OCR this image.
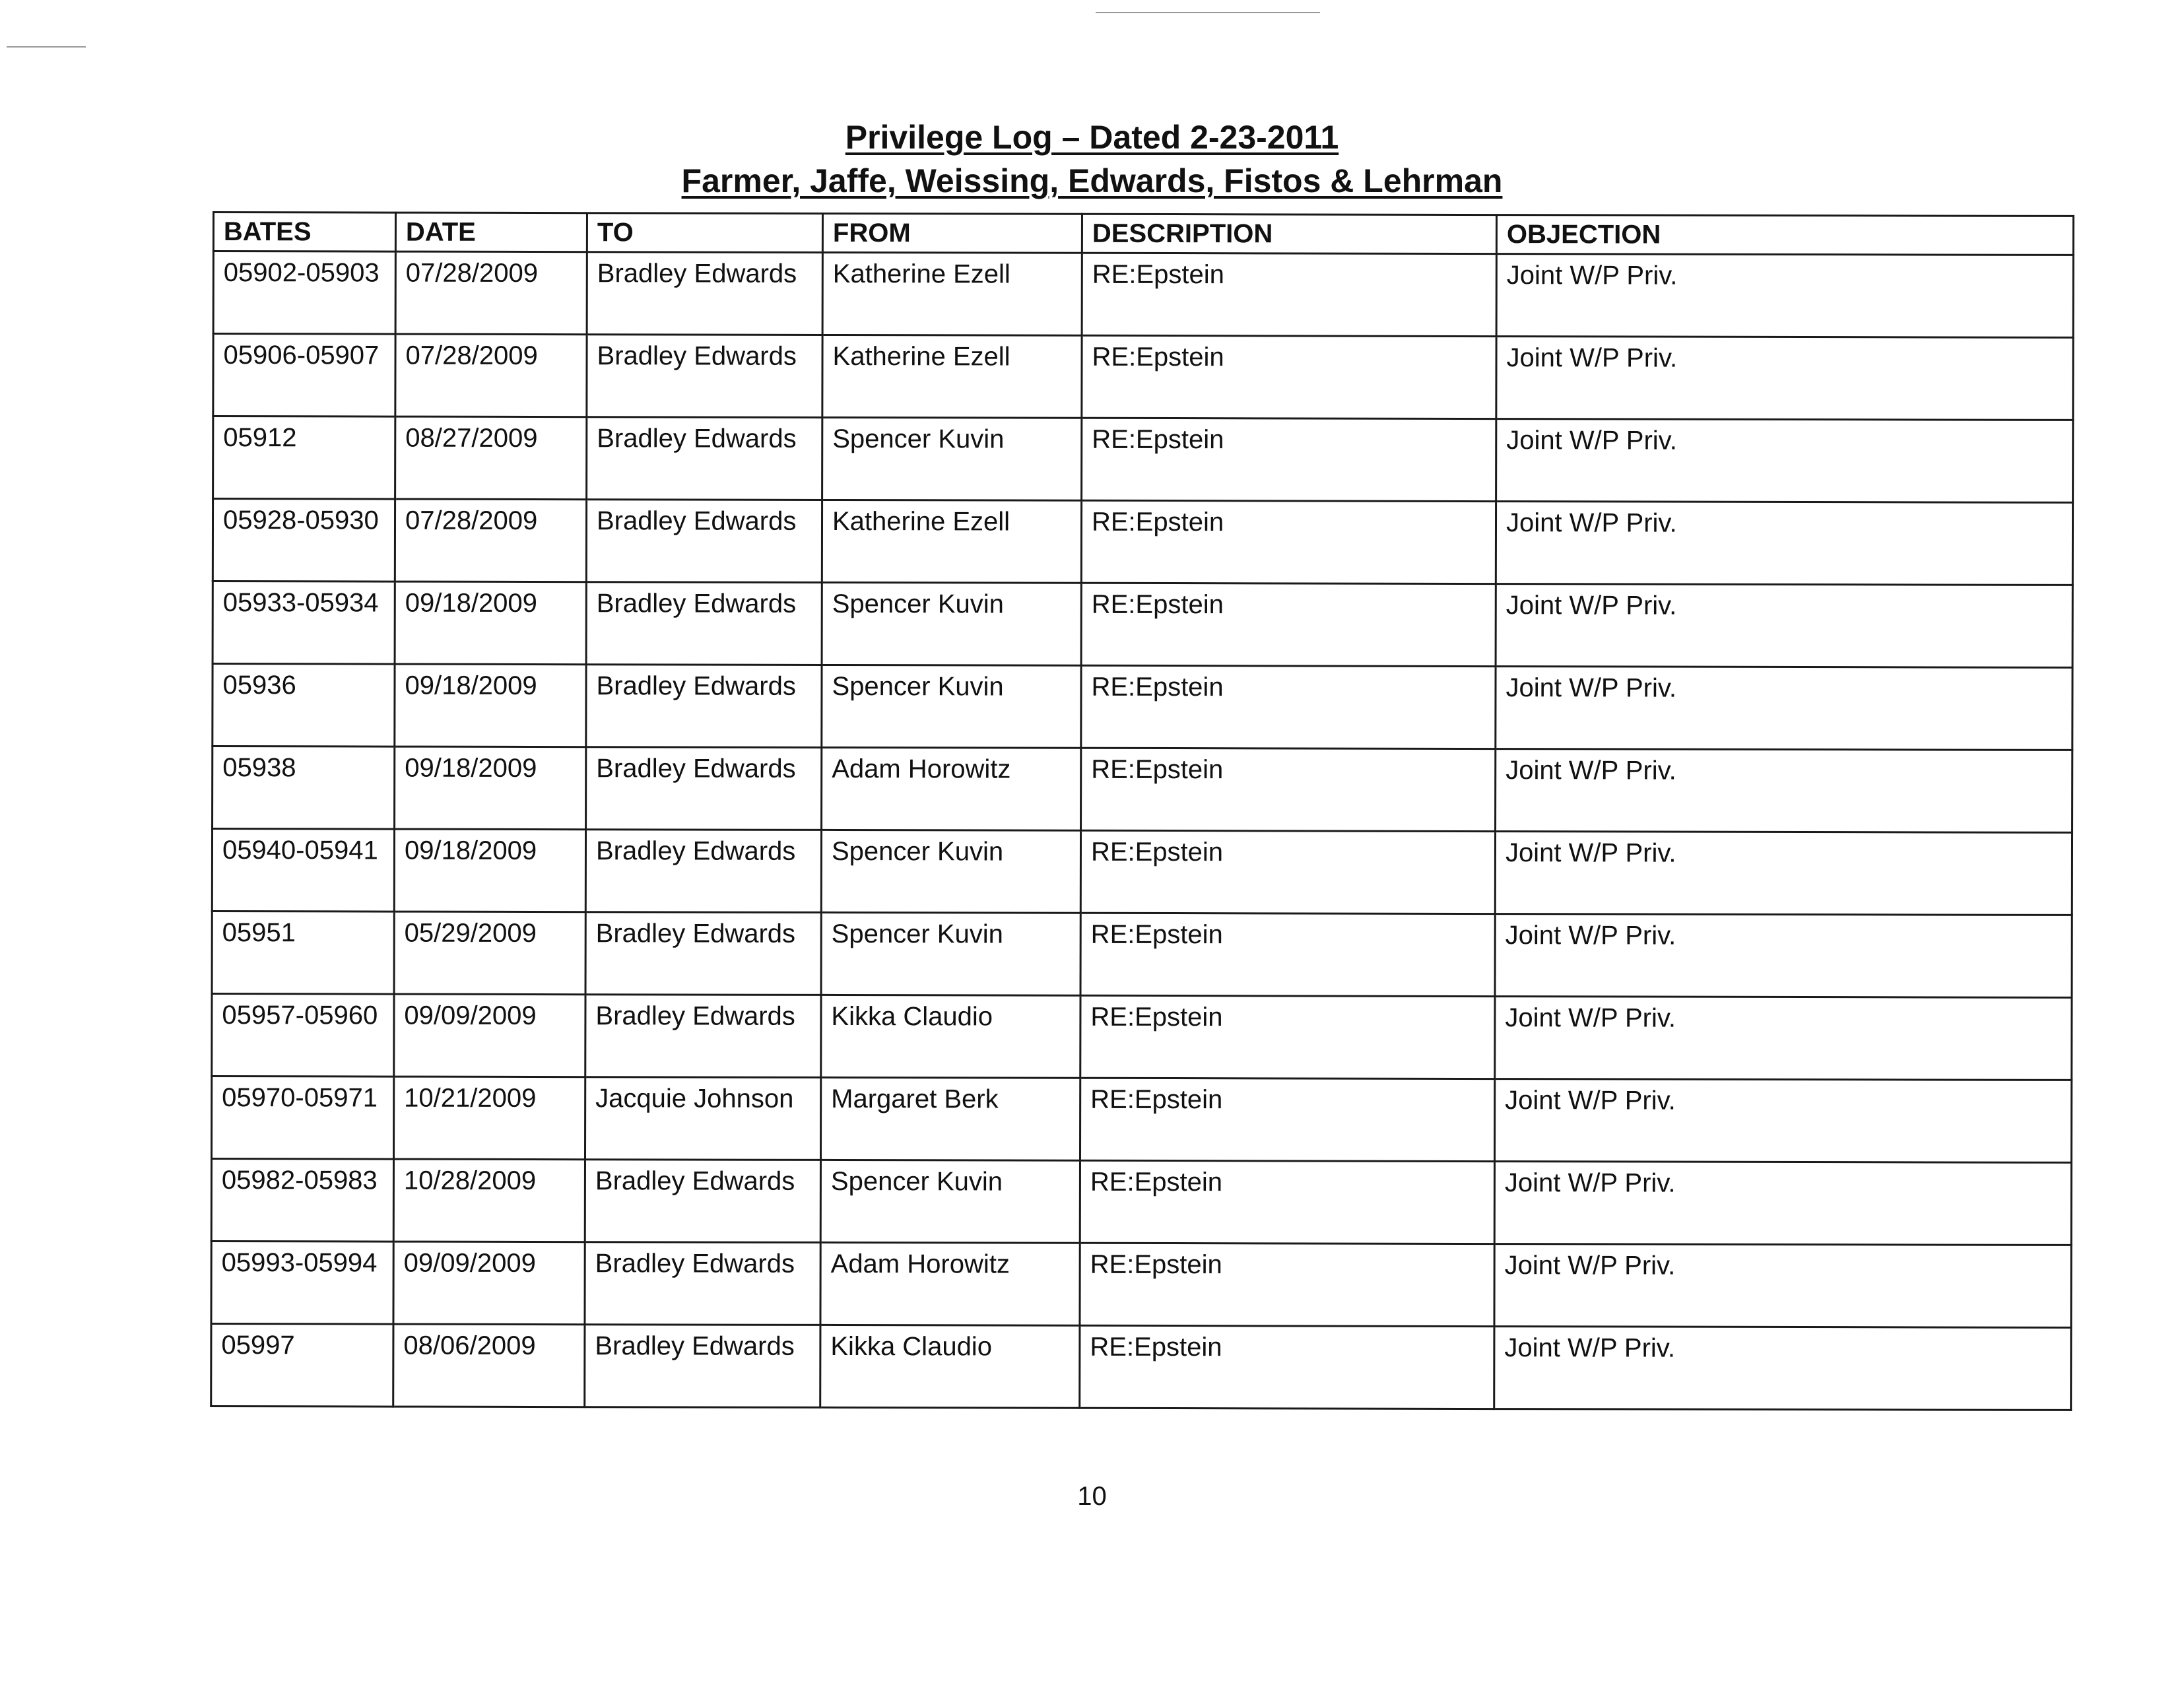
Privilege Log – Dated 2-23-2011
Farmer, Jaffe, Weissing, Edwards, Fistos & Lehrman
BATES	DATE	TO	FROM	DESCRIPTION	OBJECTION
05902-05903	07/28/2009	Bradley Edwards	Katherine Ezell	RE:Epstein	Joint W/P Priv.
05906-05907	07/28/2009	Bradley Edwards	Katherine Ezell	RE:Epstein	Joint W/P Priv.
05912	08/27/2009	Bradley Edwards	Spencer Kuvin	RE:Epstein	Joint W/P Priv.
05928-05930	07/28/2009	Bradley Edwards	Katherine Ezell	RE:Epstein	Joint W/P Priv.
05933-05934	09/18/2009	Bradley Edwards	Spencer Kuvin	RE:Epstein	Joint W/P Priv.
05936	09/18/2009	Bradley Edwards	Spencer Kuvin	RE:Epstein	Joint W/P Priv.
05938	09/18/2009	Bradley Edwards	Adam Horowitz	RE:Epstein	Joint W/P Priv.
05940-05941	09/18/2009	Bradley Edwards	Spencer Kuvin	RE:Epstein	Joint W/P Priv.
05951	05/29/2009	Bradley Edwards	Spencer Kuvin	RE:Epstein	Joint W/P Priv.
05957-05960	09/09/2009	Bradley Edwards	Kikka Claudio	RE:Epstein	Joint W/P Priv.
05970-05971	10/21/2009	Jacquie Johnson	Margaret Berk	RE:Epstein	Joint W/P Priv.
05982-05983	10/28/2009	Bradley Edwards	Spencer Kuvin	RE:Epstein	Joint W/P Priv.
05993-05994	09/09/2009	Bradley Edwards	Adam Horowitz	RE:Epstein	Joint W/P Priv.
05997	08/06/2009	Bradley Edwards	Kikka Claudio	RE:Epstein	Joint W/P Priv.
10
